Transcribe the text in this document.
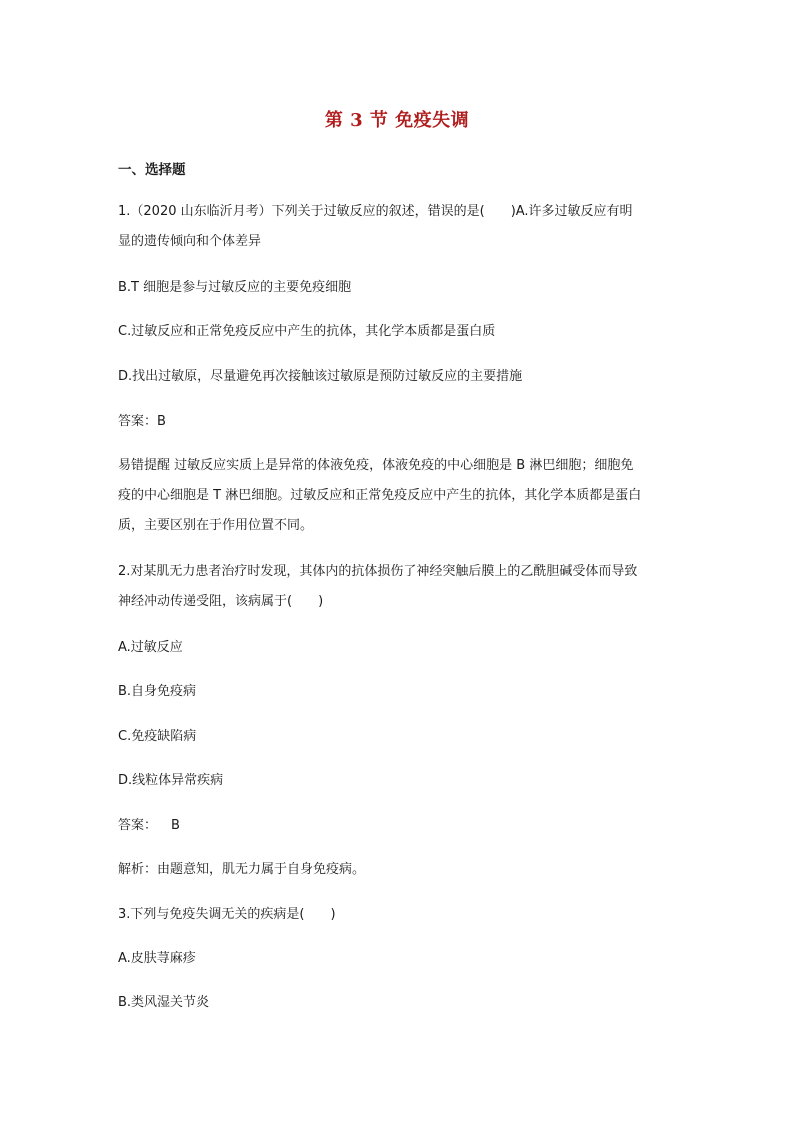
第 3 节 免疫失调
一、选择题
1.（2020 山东临沂月考）下列关于过敏反应的叙述，错误的是(　　)A.许多过敏反应有明
显的遗传倾向和个体差异
B.T 细胞是参与过敏反应的主要免疫细胞
C.过敏反应和正常免疫反应中产生的抗体，其化学本质都是蛋白质
D.找出过敏原，尽量避免再次接触该过敏原是预防过敏反应的主要措施
答案：B
易错提醒 过敏反应实质上是异常的体液免疫，体液免疫的中心细胞是 B 淋巴细胞；细胞免
疫的中心细胞是 T 淋巴细胞。过敏反应和正常免疫反应中产生的抗体，其化学本质都是蛋白
质，主要区别在于作用位置不同。
2.对某肌无力患者治疗时发现，其体内的抗体损伤了神经突触后膜上的乙酰胆碱受体而导致
神经冲动传递受阻，该病属于(　　)
A.过敏反应
B.自身免疫病
C.免疫缺陷病
D.线粒体异常疾病
答案： B
解析：由题意知，肌无力属于自身免疫病。
3.下列与免疫失调无关的疾病是(　　)
A.皮肤荨麻疹
B.类风湿关节炎
